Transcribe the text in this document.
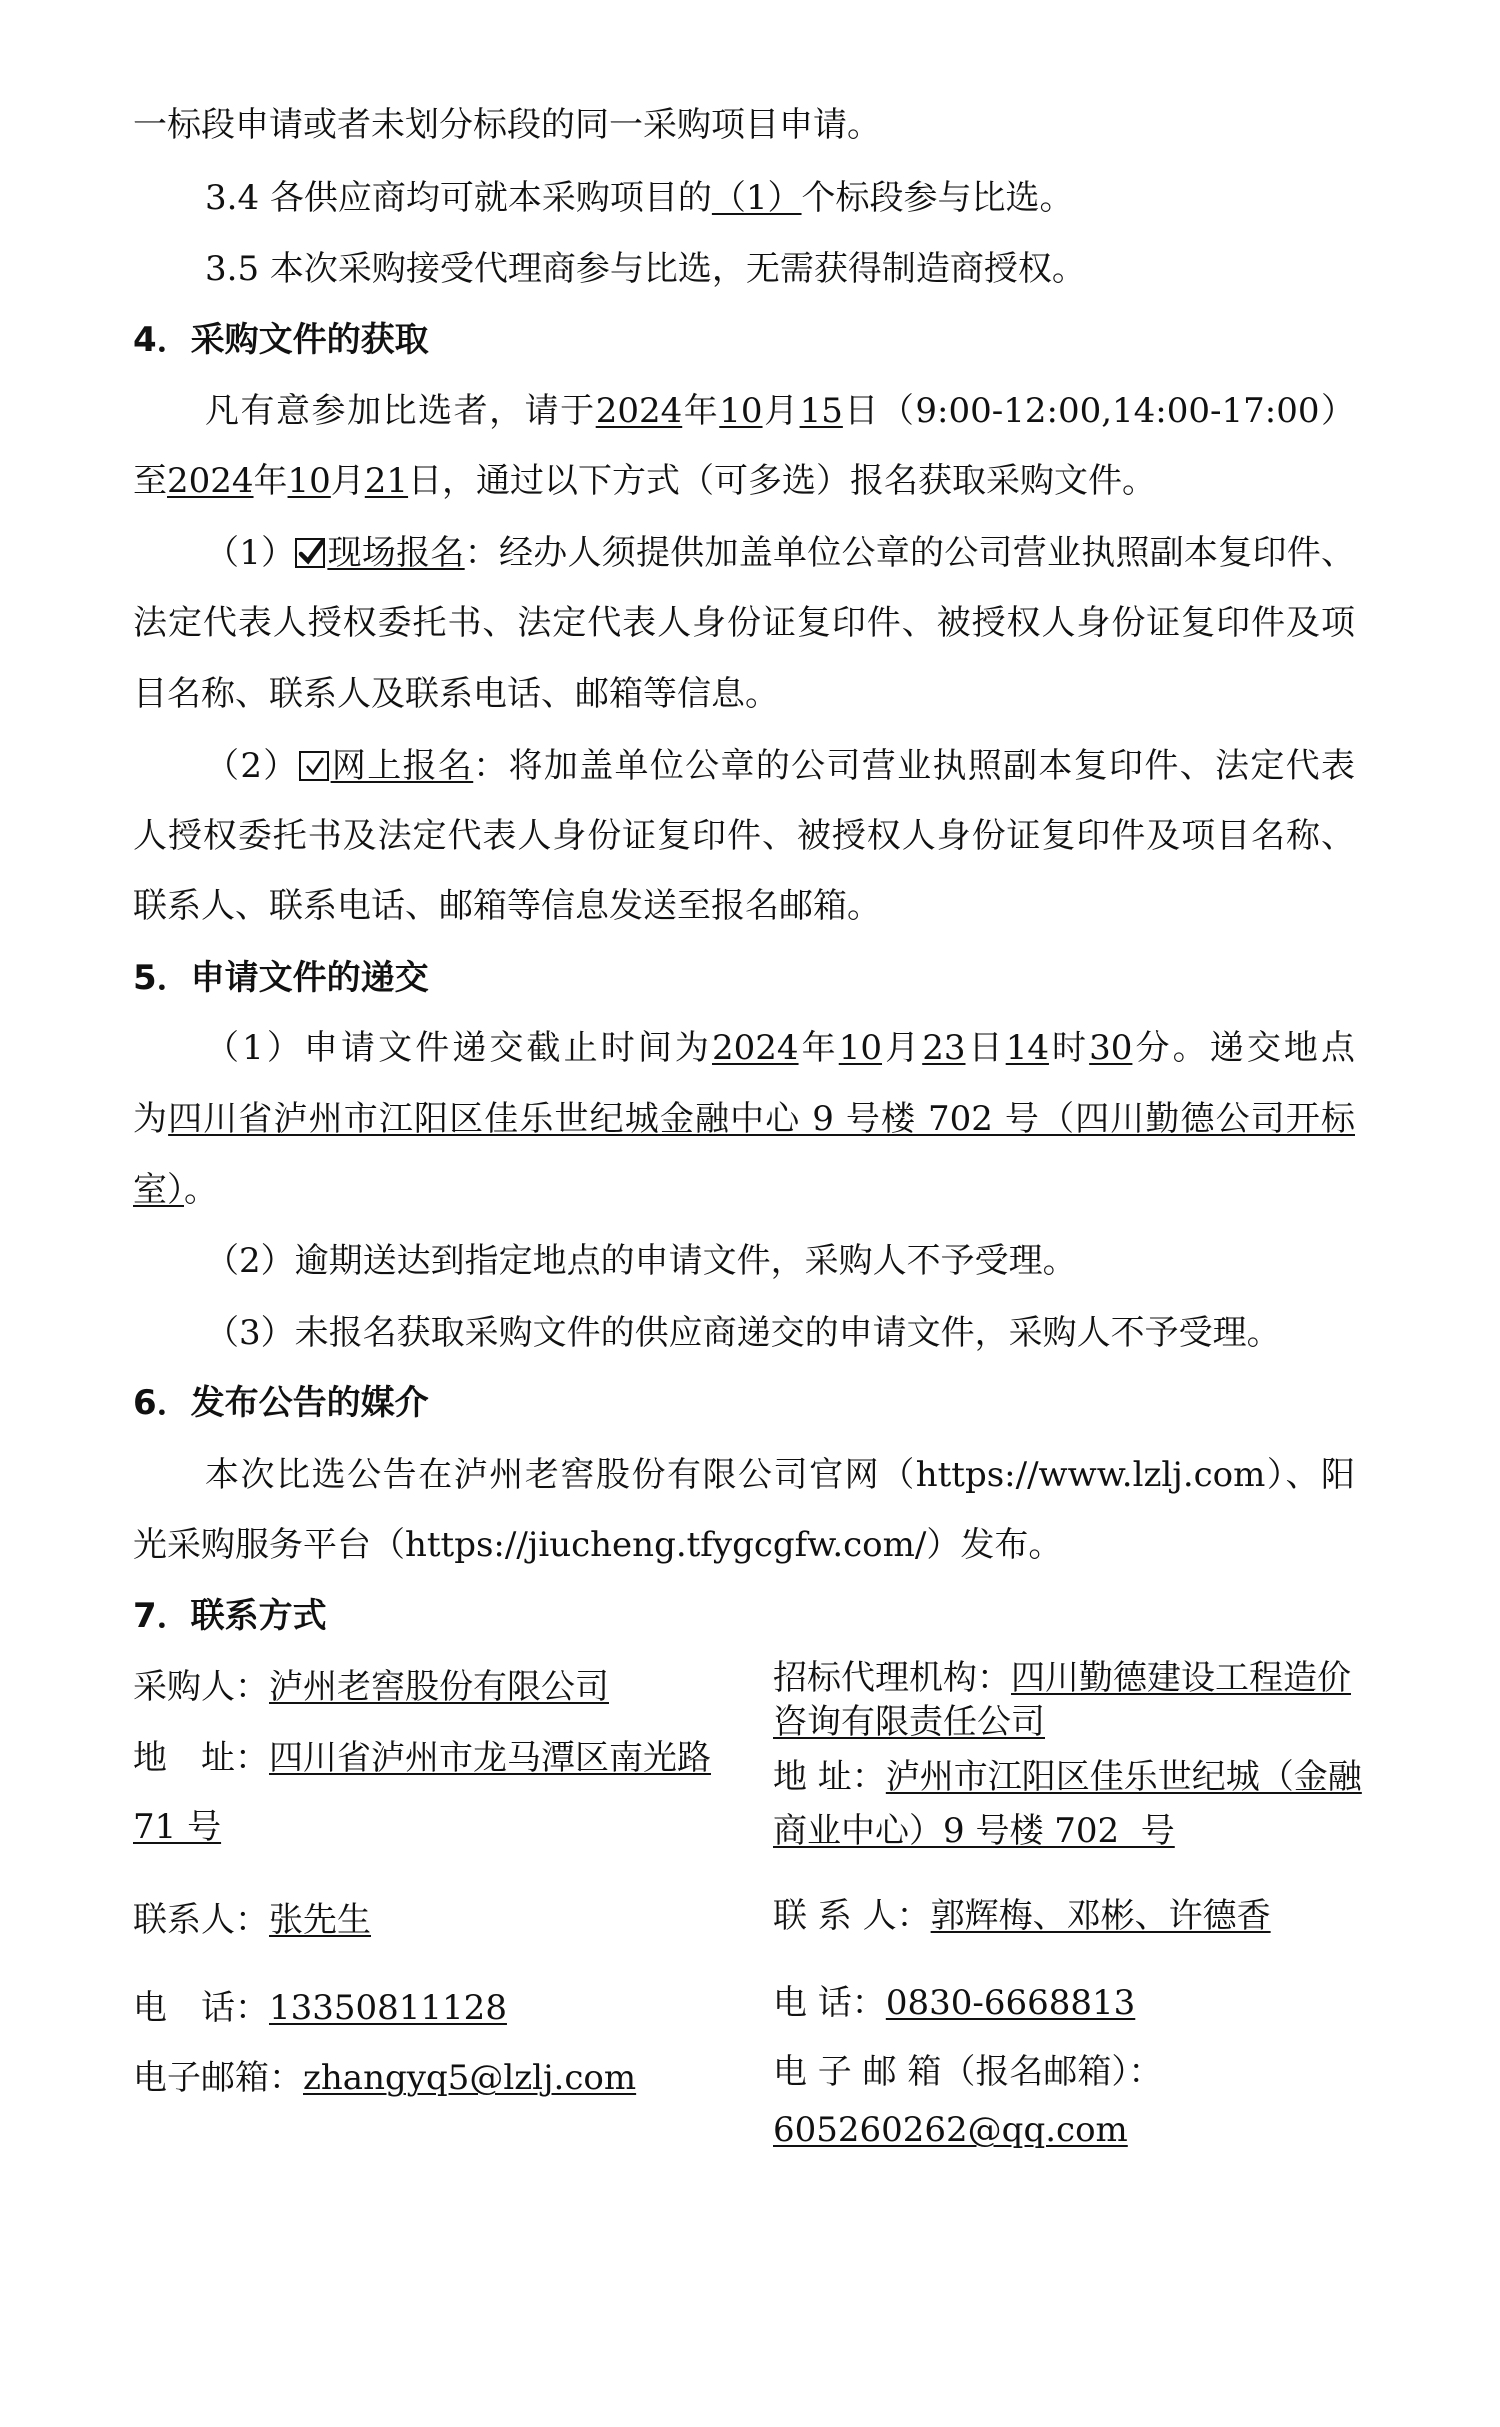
一标段申请或者未划分标段的同一采购项目申请。
3.4 各供应商均可就本采购项目的（1）个标段参与比选。
3.5 本次采购接受代理商参与比选，无需获得制造商授权。
4．采购文件的获取
凡有意参加比选者，请于2024年10月15日（9:00-12:00,14:00-17:00）
至2024年10月21日，通过以下方式（可多选）报名获取采购文件。
（1） 现场报名：经办人须提供加盖单位公章的公司营业执照副本复印件、
法定代表人授权委托书、法定代表人身份证复印件、被授权人身份证复印件及项
目名称、联系人及联系电话、邮箱等信息。
（2） 网上报名：将加盖单位公章的公司营业执照副本复印件、法定代表
人授权委托书及法定代表人身份证复印件、被授权人身份证复印件及项目名称、
联系人、联系电话、邮箱等信息发送至报名邮箱。
5．申请文件的递交
（1）申请文件递交截止时间为2024年10月23日14时30分。递交地点
为四川省泸州市江阳区佳乐世纪城金融中心 9 号楼 702 号（四川勤德公司开标
室）。
（2）逾期送达到指定地点的申请文件，采购人不予受理。
（3）未报名获取采购文件的供应商递交的申请文件，采购人不予受理。
6．发布公告的媒介
本次比选公告在泸州老窖股份有限公司官网（https://www.lzlj.com）、阳
光采购服务平台（https://jiucheng.tfygcgfw.com/）发布。
7．联系方式
采购人：泸州老窖股份有限公司
地　址：四川省泸州市龙马潭区南光路
71 号
联系人：张先生
电　话：13350811128
电子邮箱：zhangyq5@lzlj.com
招标代理机构：四川勤德建设工程造价
咨询有限责任公司
地 址：泸州市江阳区佳乐世纪城（金融
商业中心）9 号楼 702  号
联 系 人：郭辉梅、邓彬、许德香
电 话：0830-6668813
电 子 邮 箱（报名邮箱）：
605260262@qq.com
